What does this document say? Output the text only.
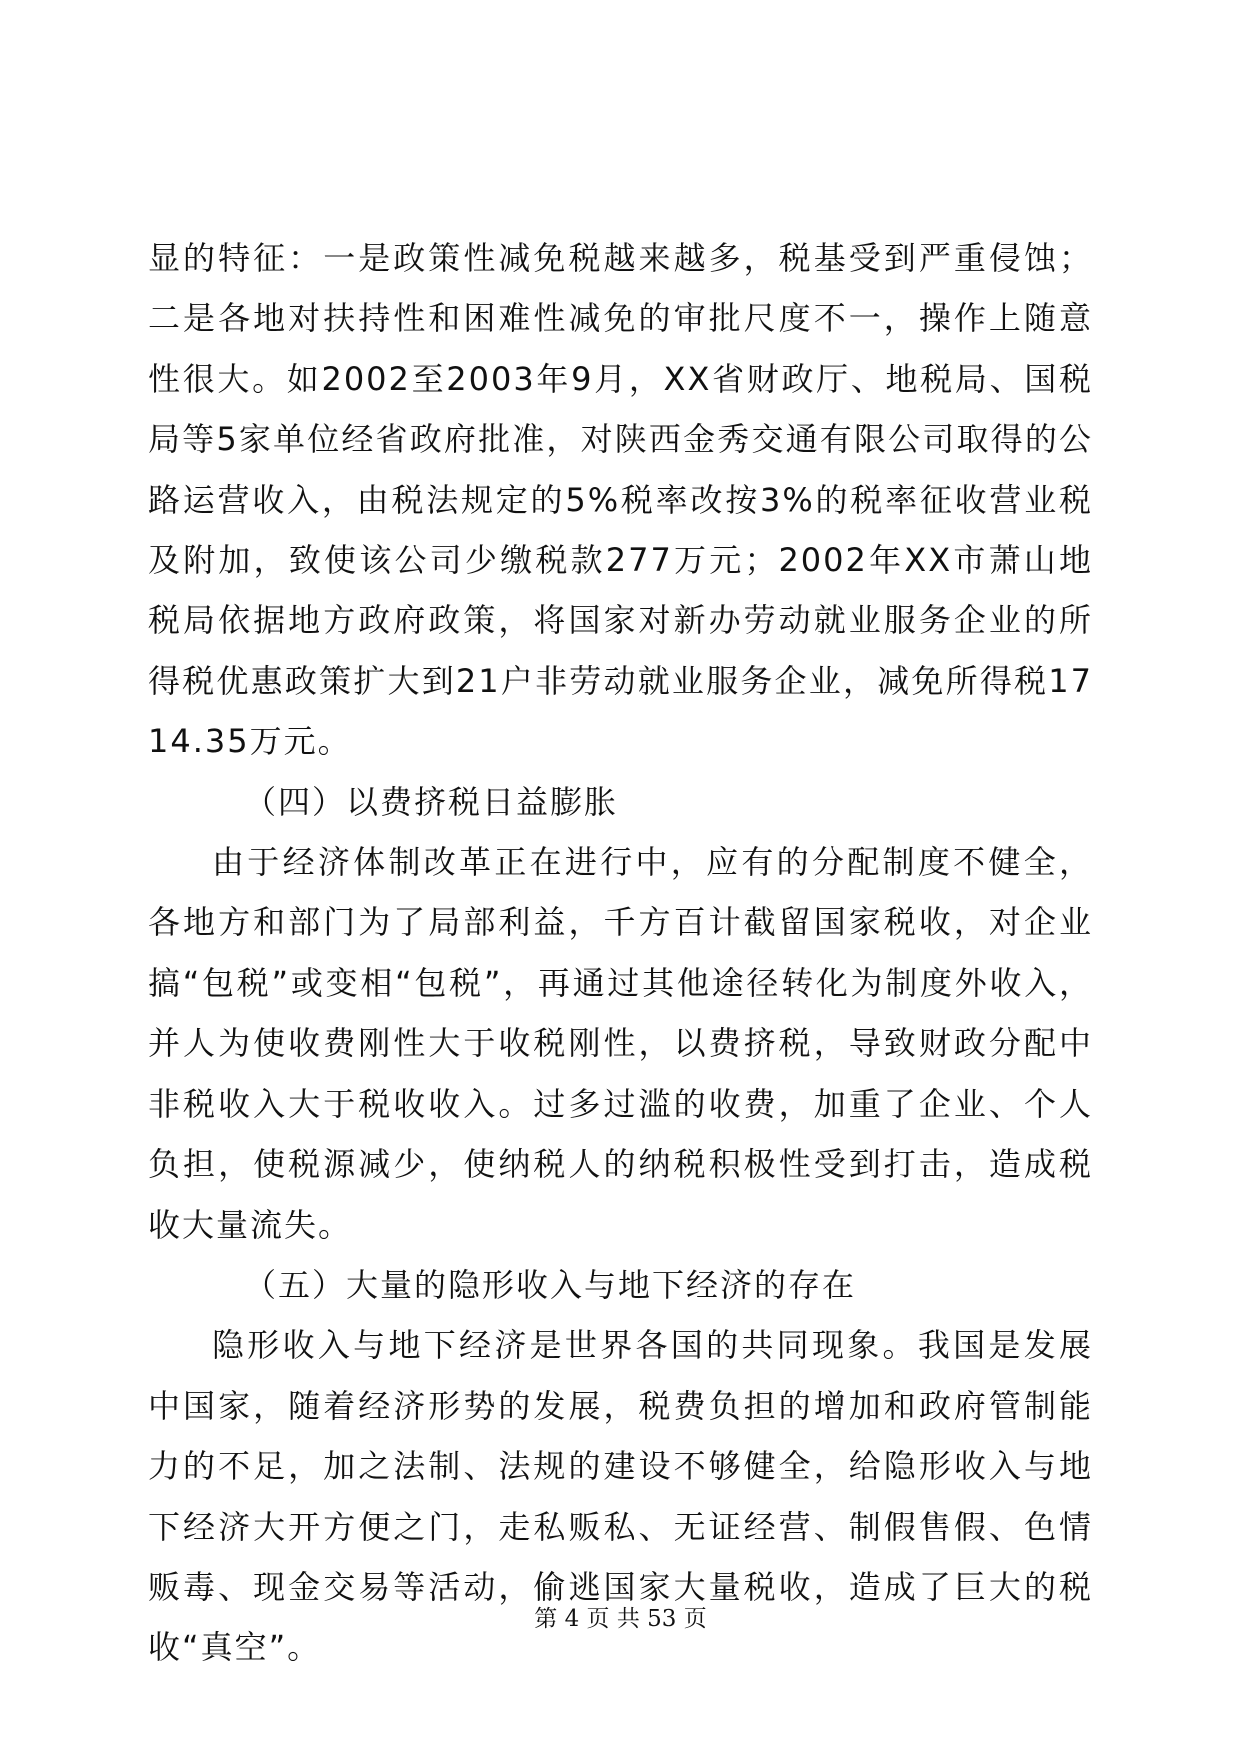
显的特征：一是政策性减免税越来越多，税基受到严重侵蚀；二是各地对扶持性和困难性减免的审批尺度不一，操作上随意性很大。如2002至2003年9月，XX省财政厅、地税局、国税局等5家单位经省政府批准，对陕西金秀交通有限公司取得的公路运营收入，由税法规定的5%税率改按3%的税率征收营业税及附加，致使该公司少缴税款277万元；2002年XX市萧山地税局依据地方政府政策，将国家对新办劳动就业服务企业的所得税优惠政策扩大到21户非劳动就业服务企业，减免所得税1714.35万元。

（四）以费挤税日益膨胀

由于经济体制改革正在进行中，应有的分配制度不健全，各地方和部门为了局部利益，千方百计截留国家税收，对企业搞“包税”或变相“包税”，再通过其他途径转化为制度外收入，并人为使收费刚性大于收税刚性，以费挤税，导致财政分配中非税收入大于税收收入。过多过滥的收费，加重了企业、个人负担，使税源减少，使纳税人的纳税积极性受到打击，造成税收大量流失。

（五）大量的隐形收入与地下经济的存在

隐形收入与地下经济是世界各国的共同现象。我国是发展中国家，随着经济形势的发展，税费负担的增加和政府管制能力的不足，加之法制、法规的建设不够健全，给隐形收入与地下经济大开方便之门，走私贩私、无证经营、制假售假、色情贩毒、现金交易等活动，偷逃国家大量税收，造成了巨大的税收“真空”。

第 4 页 共 53 页
